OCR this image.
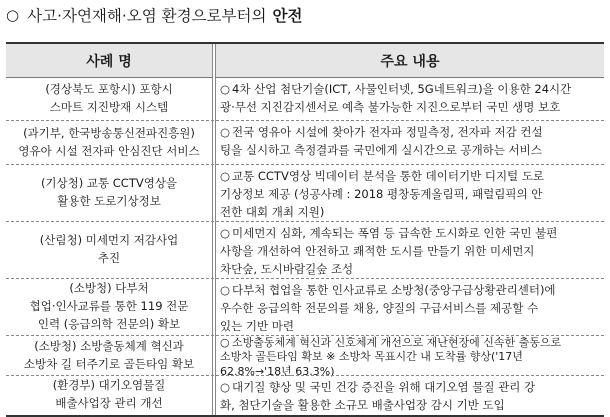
○ 사고·자연재해·오염 환경으로부터의 안전
사례 명	주요 내용
(경상북도 포항시) 포항시
스마트 지진방재 시스템
○ 4차 산업 첨단기술(ICT, 사물인터넷, 5G네트워크)을 이용한 24시간
광·무선 지진감지센서로 예측 불가능한 지진으로부터 국민 생명 보호
(과기부, 한국방송통신전파진흥원)
영유아 시설 전자파 안심진단 서비스
○ 전국 영유아 시설에 찾아가 전자파 정밀측정, 전자파 저감 컨설
팅을 실시하고 측정결과를 국민에게 실시간으로 공개하는 서비스
(기상청) 교통 CCTV영상을
활용한 도로기상정보
○ 교통 CCTV영상 빅데이터 분석을 통한 데이터기반 디지털 도로
기상정보 제공 (성공사례 : 2018 평창동계올림픽, 패럴림픽의 안
전한 대회 개최 지원)
(산림청) 미세먼지 저감사업
추진
○ 미세먼지 심화, 계속되는 폭염 등 급속한 도시화로 인한 국민 불편
사항을 개선하여 안전하고 쾌적한 도시를 만들기 위한 미세먼지
차단숲, 도시바람길숲 조성
(소방청) 다부처
협업·인사교류를 통한 119 전문
인력 (응급의학 전문의) 확보
○ 다부처 협업을 통한 인사교류로 소방청(중앙구급상황관리센터)에
우수한 응급의학 전문의를 채용, 양질의 구급서비스를 제공할 수
있는 기반 마련
(소방청) 소방출동체계 혁신과
소방차 길 터주기로 골든타임 확보
○ 소방출동체계 혁신과 신호체계 개선으로 재난현장에 신속한 출동으로
소방차 골든타임 확보 ※ 소방차 목표시간 내 도착률 향상('17년
62.8%→'18년 63.3%)
(환경부) 대기오염물질
배출사업장 관리 개선
○ 대기질 향상 및 국민 건강 증진을 위해 대기오염 물질 관리 강
화, 첨단기술을 활용한 소규모 배출사업장 감시 기반 도입
